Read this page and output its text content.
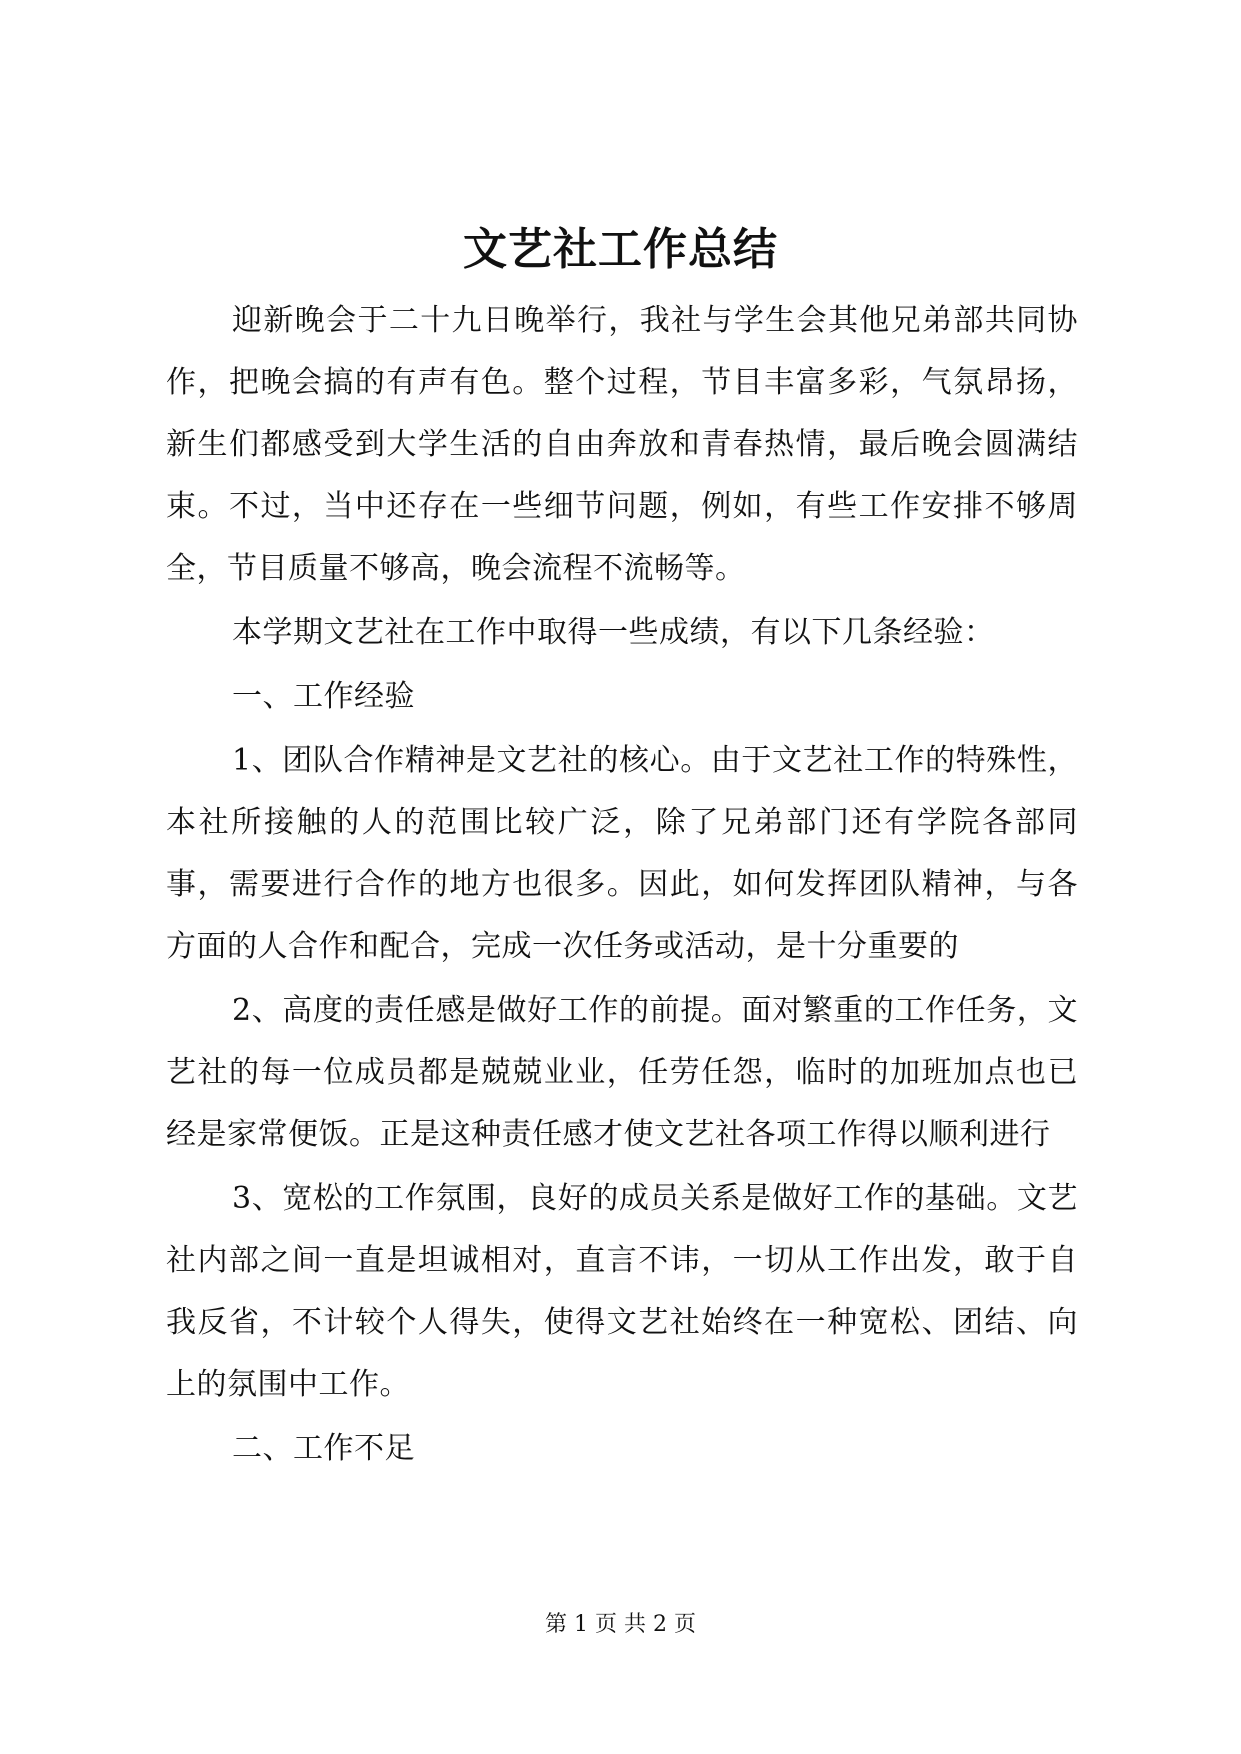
文艺社工作总结

迎新晚会于二十九日晚举行，我社与学生会其他兄弟部共同协作，把晚会搞的有声有色。整个过程，节目丰富多彩，气氛昂扬，新生们都感受到大学生活的自由奔放和青春热情，最后晚会圆满结束。不过，当中还存在一些细节问题，例如，有些工作安排不够周全，节目质量不够高，晚会流程不流畅等。

本学期文艺社在工作中取得一些成绩，有以下几条经验：

一、工作经验

1、团队合作精神是文艺社的核心。由于文艺社工作的特殊性，本社所接触的人的范围比较广泛，除了兄弟部门还有学院各部同事，需要进行合作的地方也很多。因此，如何发挥团队精神，与各方面的人合作和配合，完成一次任务或活动，是十分重要的

2、高度的责任感是做好工作的前提。面对繁重的工作任务，文艺社的每一位成员都是兢兢业业，任劳任怨，临时的加班加点也已经是家常便饭。正是这种责任感才使文艺社各项工作得以顺利进行

3、宽松的工作氛围，良好的成员关系是做好工作的基础。文艺社内部之间一直是坦诚相对，直言不讳，一切从工作出发，敢于自我反省，不计较个人得失，使得文艺社始终在一种宽松、团结、向上的氛围中工作。

二、工作不足

第 1 页 共 2 页
